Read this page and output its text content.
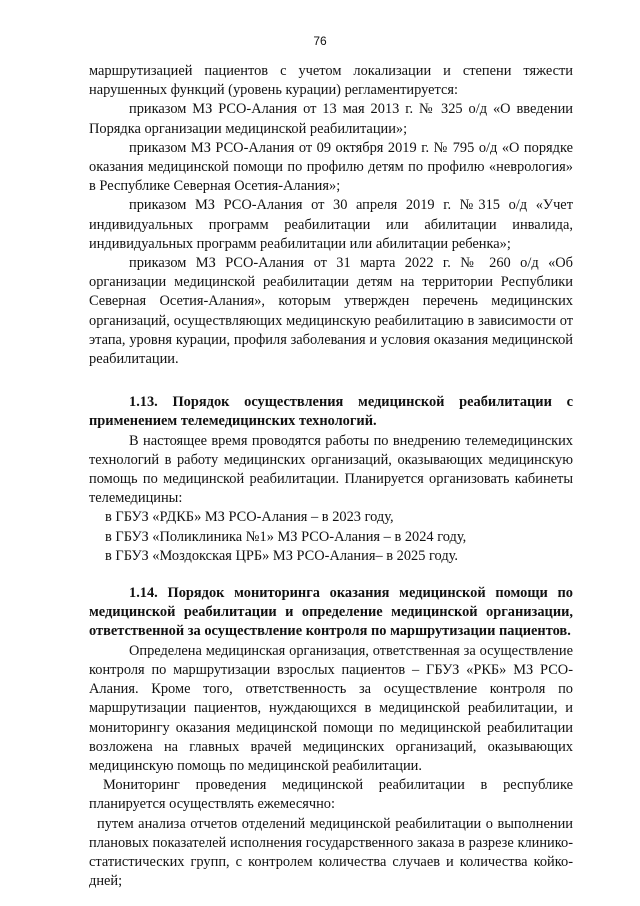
76

маршрутизацией пациентов с учетом локализации и степени тяжести нарушенных функций (уровень курации) регламентируется:

приказом МЗ РСО-Алания от 13 мая 2013 г. № 325 о/д «О введении Порядка организации медицинской реабилитации»;

приказом МЗ РСО-Алания от 09 октября 2019 г. № 795 о/д «О порядке оказания медицинской помощи по профилю детям по профилю «неврология» в Республике Северная Осетия-Алания»;

приказом МЗ РСО-Алания от 30 апреля 2019 г. №315 о/д «Учет индивидуальных программ реабилитации или абилитации инвалида, индивидуальных программ реабилитации или абилитации ребенка»;

приказом МЗ РСО-Алания от 31 марта 2022 г. № 260 о/д «Об организации медицинской реабилитации детям на территории Республики Северная Осетия-Алания», которым утвержден перечень медицинских организаций, осуществляющих медицинскую реабилитацию в зависимости от этапа, уровня курации, профиля заболевания и условия оказания медицинской реабилитации.

1.13. Порядок осуществления медицинской реабилитации с применением телемедицинских технологий.

В настоящее время проводятся работы по внедрению телемедицинских технологий в работу медицинских организаций, оказывающих медицинскую помощь по медицинской реабилитации. Планируется организовать кабинеты телемедицины:

в ГБУЗ «РДКБ» МЗ РСО-Алания – в 2023 году,

в ГБУЗ «Поликлиника №1» МЗ РСО-Алания – в 2024 году,

в ГБУЗ «Моздокская ЦРБ» МЗ РСО-Алания– в 2025 году.

1.14. Порядок мониторинга оказания медицинской помощи по медицинской реабилитации и определение медицинской организации, ответственной за осуществление контроля по маршрутизации пациентов.

Определена медицинская организация, ответственная за осуществление контроля по маршрутизации взрослых пациентов – ГБУЗ «РКБ» МЗ РСО-Алания. Кроме того, ответственность за осуществление контроля по маршрутизации пациентов, нуждающихся в медицинской реабилитации, и мониторингу оказания медицинской помощи по медицинской реабилитации возложена на главных врачей медицинских организаций, оказывающих медицинскую помощь по медицинской реабилитации.

Мониторинг проведения медицинской реабилитации в республике планируется осуществлять ежемесячно:

путем анализа отчетов отделений медицинской реабилитации о выполнении плановых показателей исполнения государственного заказа в разрезе клинико-статистических групп, с контролем количества случаев и количества койко-дней;
